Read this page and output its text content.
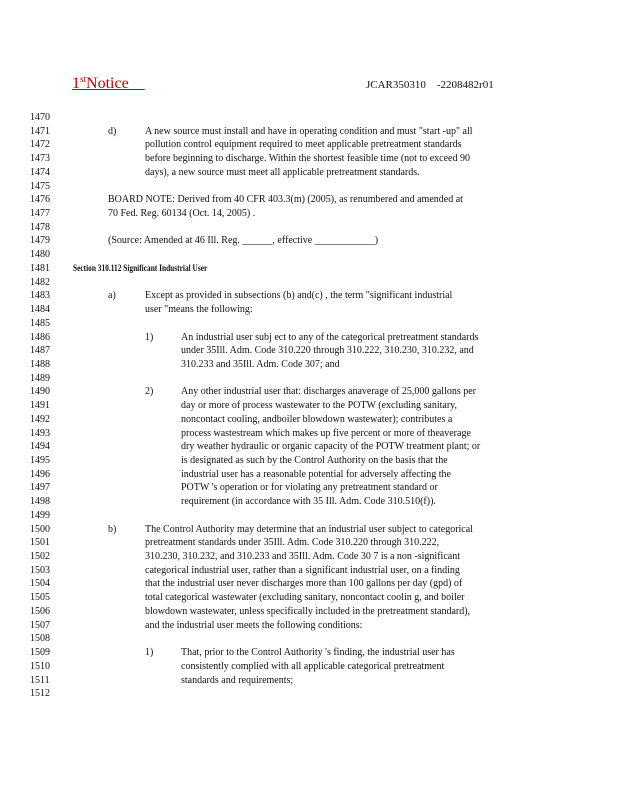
1stNotice	JCAR350310    -2208482r01
1470
1471
1472
1473
1474
1475
1476
1477
1478
1479
1480
1481
1482
1483
1484
1485
1486
1487
1488
1489
1490
1491
1492
1493
1494
1495
1496
1497
1498
1499
1500
1501
1502
1503
1504
1505
1506
1507
1508
1509
1510
1511
1512
d)	A new source must install and have in operating condition and must "start -up" all
pollution control equipment required to meet applicable pretreatment standards
before beginning to discharge. Within the shortest feasible time (not to exceed 90
days), a new source must meet all applicable pretreatment standards.
BOARD NOTE: Derived from 40 CFR 403.3(m) (2005), as renumbered and amended at
70 Fed. Reg. 60134 (Oct. 14, 2005) .
(Source: Amended at 46 Ill. Reg. ______, effective ____________)
Section 310.112 Significant Industrial User
a)	Except as provided in subsections (b) and(c) , the term "significant industrial
user "means the following:
1)	An industrial user subj ect to any of the categorical pretreatment standards
under 35Ill. Adm. Code 310.220 through 310.222, 310.230, 310.232, and
310.233 and 35Ill. Adm. Code 307; and
2)	Any other industrial user that: discharges anaverage of 25,000 gallons per
day or more of process wastewater to the POTW (excluding sanitary,
noncontact cooling, andboiler blowdown wastewater); contributes a
process wastestream which makes up five percent or more of theaverage
dry weather hydraulic or organic capacity of the POTW treatment plant; or
is designated as such by the Control Authority on the basis that the
industrial user has a reasonable potential for adversely affecting the
POTW 's operation or for violating any pretreatment standard or
requirement (in accordance with 35 Ill. Adm. Code 310.510(f)).
b)	The Control Authority may determine that an industrial user subject to categorical
pretreatment standards under 35Ill. Adm. Code 310.220 through 310.222,
310.230, 310.232, and 310.233 and 35Ill. Adm. Code 30 7 is a non -significant
categorical industrial user, rather than a significant industrial user, on a finding
that the industrial user never discharges more than 100 gallons per day (gpd) of
total categorical wastewater (excluding sanitary, noncontact coolin g, and boiler
blowdown wastewater, unless specifically included in the pretreatment standard),
and the industrial user meets the following conditions:
1)	That, prior to the Control Authority 's finding, the industrial user has
consistently complied with all applicable categorical pretreatment
standards and requirements;
